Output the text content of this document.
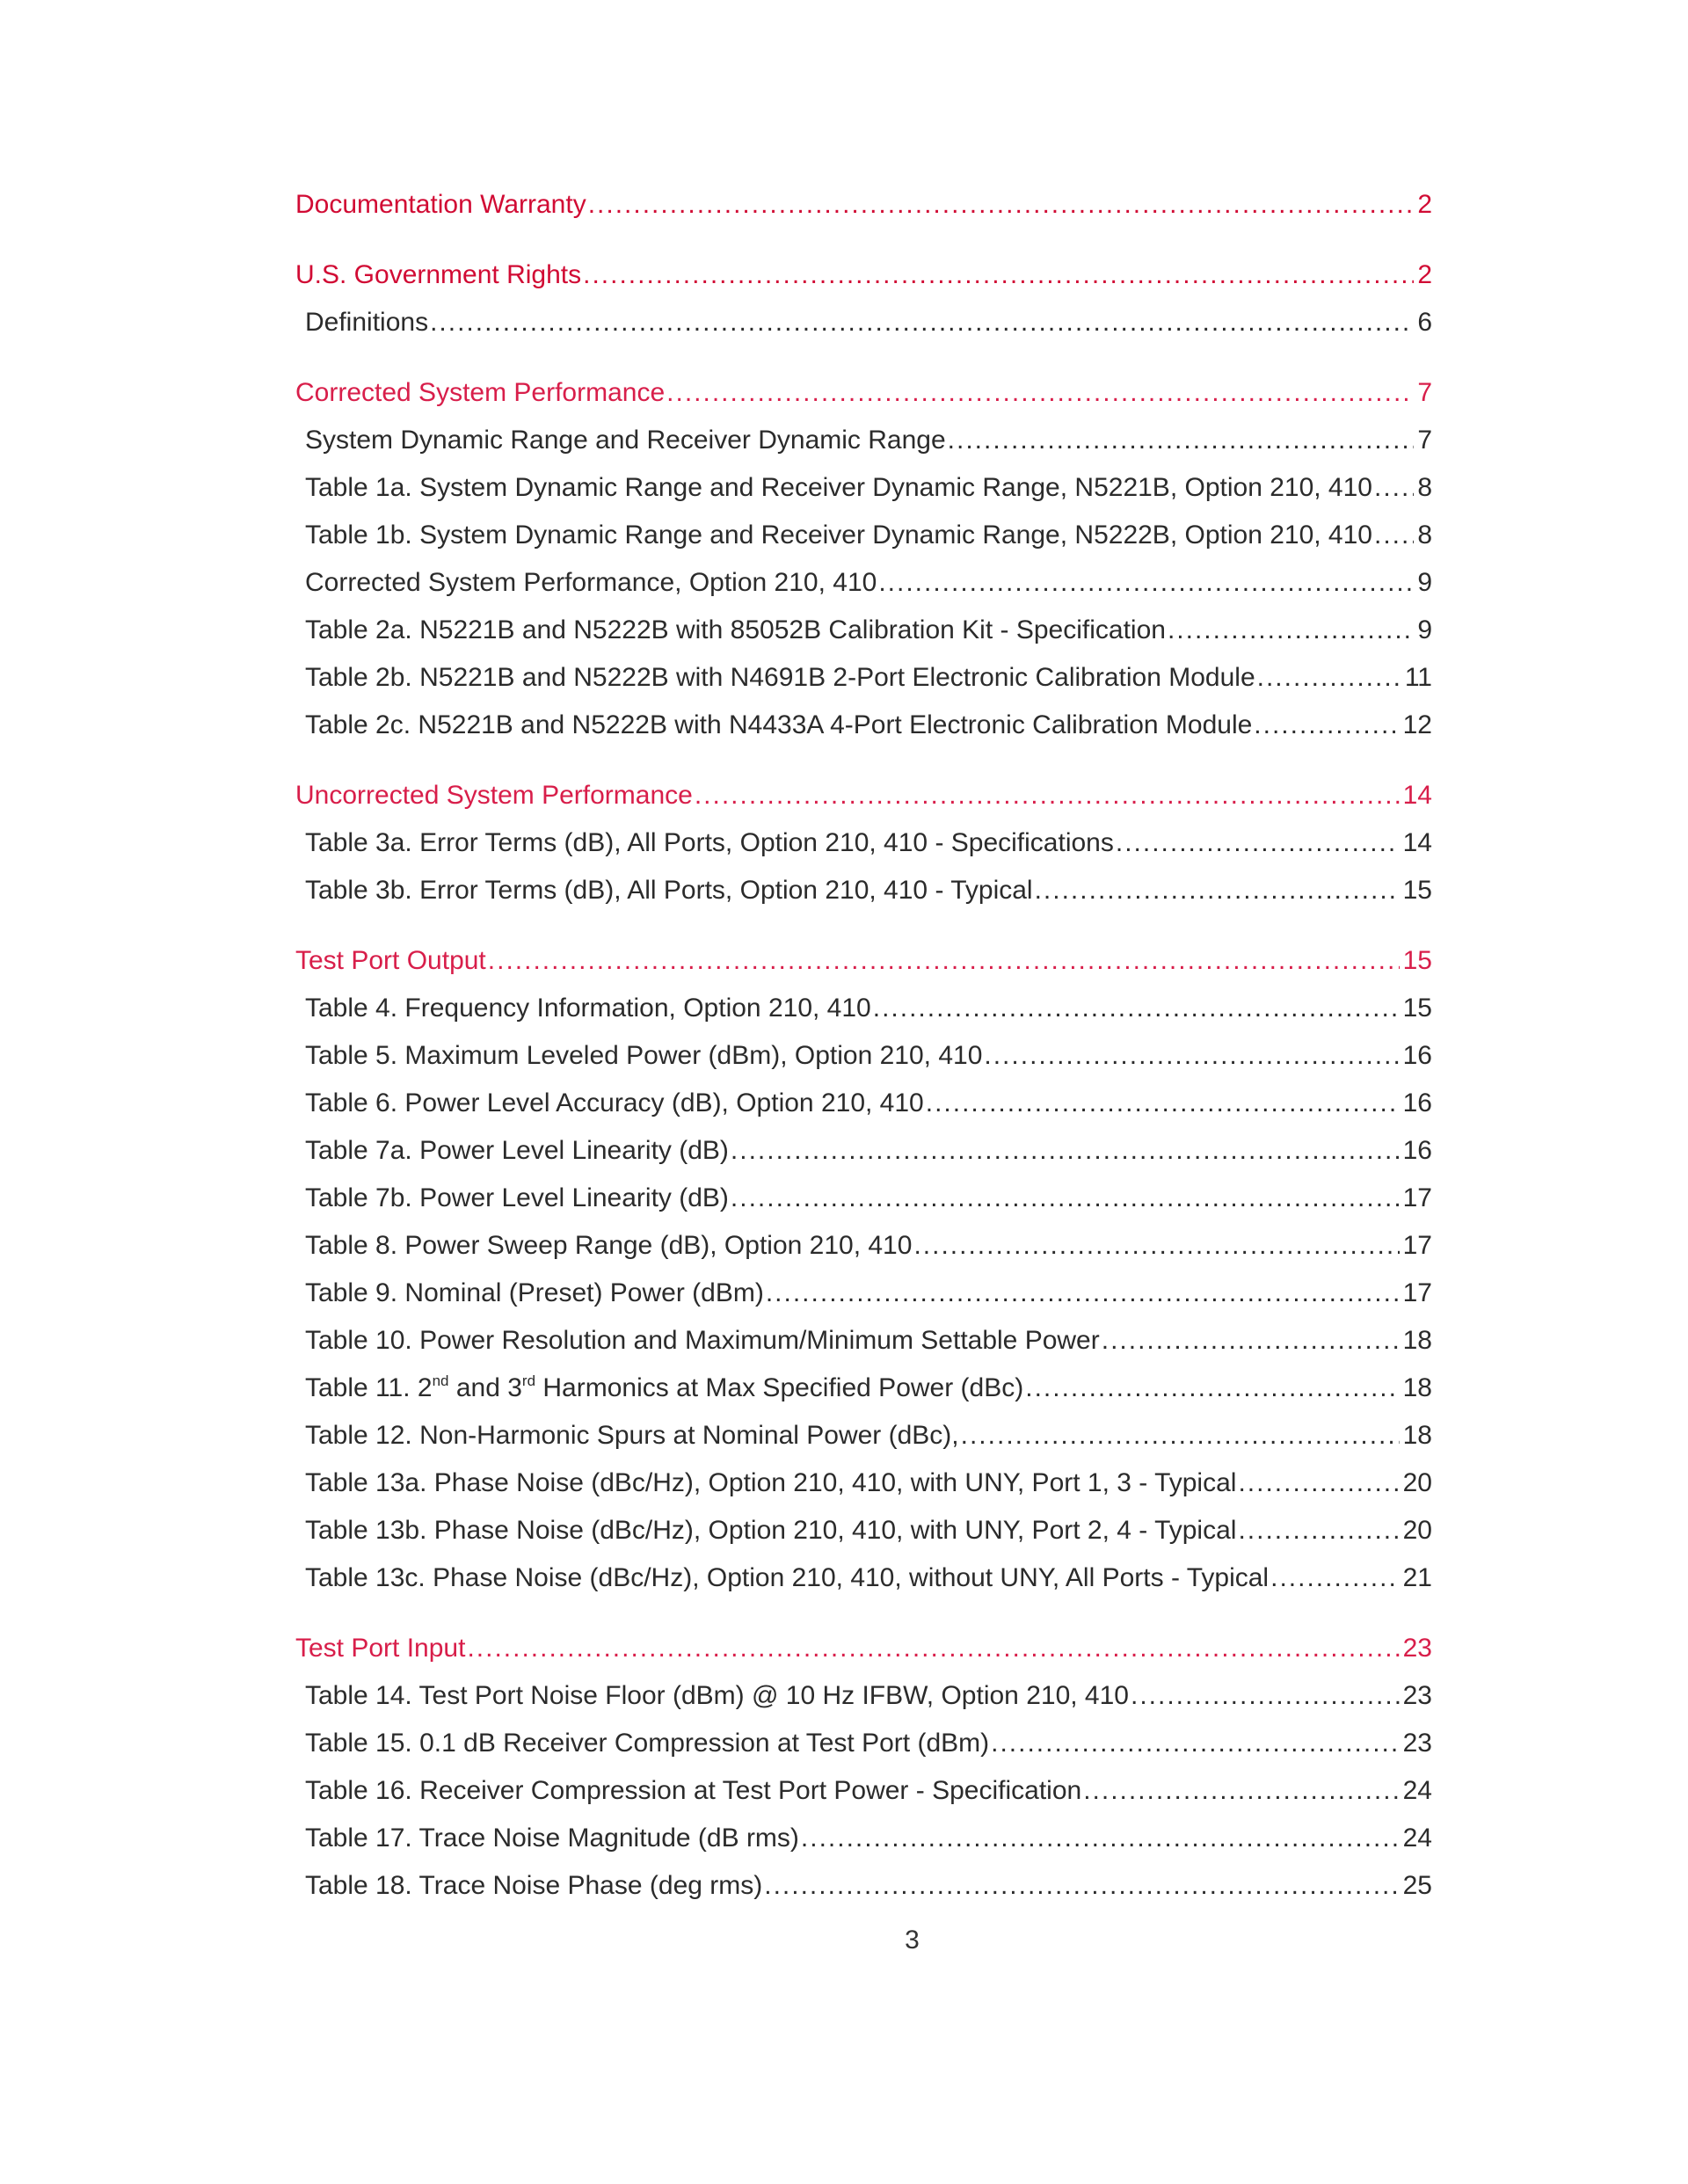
Documentation Warranty .....	2
U.S. Government Rights .....	2
Definitions .....	6
Corrected System Performance .....	7
System Dynamic Range and Receiver Dynamic Range .....	7
Table 1a. System Dynamic Range and Receiver Dynamic Range, N5221B, Option 210, 410 ..... 8
Table 1b. System Dynamic Range and Receiver Dynamic Range, N5222B, Option 210, 410 ..... 8
Corrected System Performance, Option 210, 410 .....	9
Table 2a. N5221B and N5222B with 85052B Calibration Kit - Specification .....	9
Table 2b. N5221B and N5222B with N4691B 2-Port Electronic Calibration Module .....	11
Table 2c. N5221B and N5222B with N4433A 4-Port Electronic Calibration Module .....	12
Uncorrected System Performance .....	14
Table 3a. Error Terms (dB), All Ports, Option 210, 410 - Specifications .....	14
Table 3b. Error Terms (dB), All Ports, Option 210, 410 - Typical .....	15
Test Port Output .....	15
Table 4. Frequency Information, Option 210, 410 .....	15
Table 5. Maximum Leveled Power (dBm), Option 210, 410 .....	16
Table 6. Power Level Accuracy (dB), Option 210, 410 .....	16
Table 7a. Power Level Linearity (dB) .....	16
Table 7b. Power Level Linearity (dB) .....	17
Table 8. Power Sweep Range (dB), Option 210, 410 .....	17
Table 9. Nominal (Preset) Power (dBm) .....	17
Table 10. Power Resolution and Maximum/Minimum Settable Power .....	18
Table 11. 2nd and 3rd Harmonics at Max Specified Power (dBc) .....	18
Table 12. Non-Harmonic Spurs at Nominal Power (dBc), .....	18
Table 13a. Phase Noise (dBc/Hz), Option 210, 410, with UNY, Port 1, 3 - Typical .....	20
Table 13b. Phase Noise (dBc/Hz), Option 210, 410, with UNY, Port 2, 4 - Typical .....	20
Table 13c. Phase Noise (dBc/Hz), Option 210, 410, without UNY, All Ports - Typical .....	21
Test Port Input .....	23
Table 14. Test Port Noise Floor (dBm) @ 10 Hz IFBW, Option 210, 410 .....	23
Table 15. 0.1 dB Receiver Compression at Test Port (dBm) .....	23
Table 16. Receiver Compression at Test Port Power - Specification .....	24
Table 17. Trace Noise Magnitude (dB rms) .....	24
Table 18. Trace Noise Phase (deg rms) .....	25
3
